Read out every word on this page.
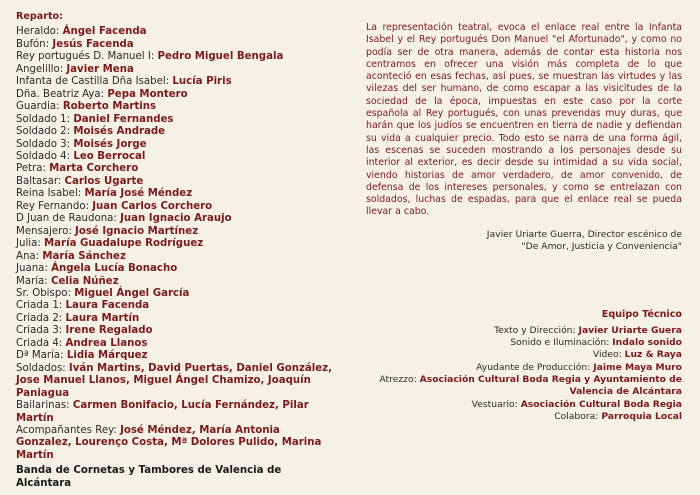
Reparto:
Heraldo: Ángel Facenda
Bufón: Jesús Facenda
Rey portugués D. Manuel I: Pedro Miguel Bengala
Angelillo: Javier Mena
Infanta de Castilla Dña Isabel: Lucía Piris
Dña. Beatriz Aya: Pepa Montero
Guardia: Roberto Martins
Soldado 1: Daniel Fernandes
Soldado 2: Moisés Andrade
Soldado 3: Moisés Jorge
Soldado 4: Leo Berrocal
Petra: Marta Corchero
Baltasar: Carlos Ugarte
Reina Isabel: María José Méndez
Rey Fernando: Juan Carlos Corchero
D Juan de Raudona: Juan Ignacio Araujo
Mensajero: José Ignacio Martínez
Julia: María Guadalupe Rodríguez
Ana: María Sánchez
Juana: Ángela Lucía Bonacho
María: Celia Núñez
Sr. Obispo: Miguel Ángel García
Criada 1: Laura Facenda
Criada 2: Laura Martín
Criada 3: Irene Regalado
Criada 4: Andrea Llanos
Dª María: Lidia Márquez
Soldados: Iván Martins, David Puertas, Daniel González, Jose Manuel Llanos, Miguel Ángel Chamizo, Joaquín Paniagua
Bailarinas: Carmen Bonifacio, Lucía Fernández, Pilar Martín
Acompañantes Rey: José Méndez, María Antonia Gonzalez, Lourenço Costa, Mª Dolores Pulido, Marina Martín
Banda de Cornetas y Tambores de Valencia de Alcántara

La representación teatral, evoca el enlace real entre la Infanta Isabel y el Rey portugués Don Manuel "el Afortunado", y como no podía ser de otra manera, además de contar esta historia nos centramos en ofrecer una visión más completa de lo que aconteció en esas fechas, así pues, se muestran las virtudes y las vilezas del ser humano, de como escapar a las visicitudes de la sociedad de la época, impuestas en este caso por la corte española al Rey portugués, con unas prevendas muy duras, que harán que los judíos se encuentren en tierra de nadie y defiendan su vida a cualquier precio. Todo esto se narra de una forma ágil, las escenas se suceden mostrando a los personajes desde su interior al exterior, es decir desde su intimidad a su vida social, viendo historias de amor verdadero, de amor convenido, de defensa de los intereses personales, y como se entrelazan con soldados, luchas de espadas, para que el enlace real se pueda llevar a cabo.

Javier Uriarte Guerra, Director escénico de
"De Amor, Justicia y Conveniencia"
Equipo Técnico
Texto y Dirección: Javier Uriarte Guera
Sonido e Iluminación: Indalo sonido
Video: Luz & Raya
Ayudante de Producción: Jaime Maya Muro
Atrezzo: Asociación Cultural Boda Regia y Ayuntamiento de Valencia de Alcántara
Vestuario: Asociación Cultural Boda Regia
Colabora: Parroquia Local
